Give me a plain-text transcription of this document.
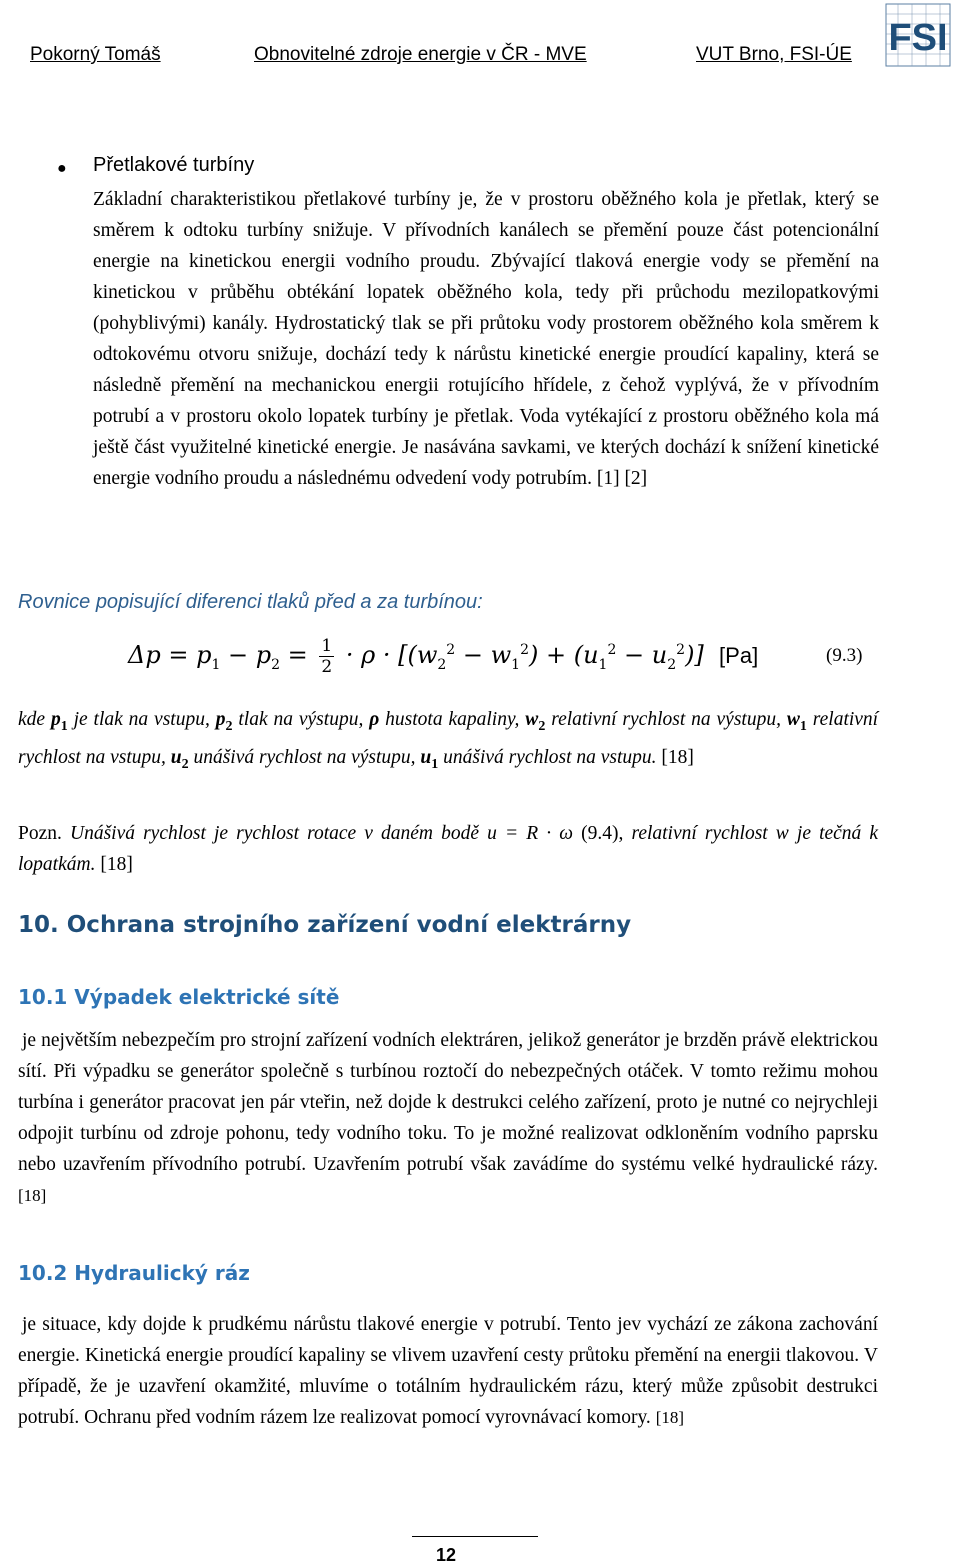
Pokorný Tomáš	Obnovitelné zdroje energie v ČR - MVE	VUT Brno, FSI-ÚE FSI
● Přetlakové turbíny
Základní charakteristikou přetlakové turbíny je, že v prostoru oběžného kola je přetlak, který se směrem k odtoku turbíny snižuje. V přívodních kanálech se přemění pouze část potencionální energie na kinetickou energii vodního proudu. Zbývající tlaková energie vody se přemění na kinetickou v průběhu obtékání lopatek oběžného kola, tedy při průchodu mezilopatkovými (pohyblivými) kanály. Hydrostatický tlak se při průtoku vody prostorem oběžného kola směrem k odtokovému otvoru snižuje, dochází tedy k nárůstu kinetické energie proudící kapaliny, která se následně přemění na mechanickou energii rotujícího hřídele, z čehož vyplývá, že v přívodním potrubí a v prostoru okolo lopatek turbíny je přetlak. Voda vytékající z prostoru oběžného kola má ještě část využitelné kinetické energie. Je nasávána savkami, ve kterých dochází k snížení kinetické energie vodního proudu a následnému odvedení vody potrubím. [1] [2]
Rovnice popisující diferenci tlaků před a za turbínou:
$\Delta p = p_1 - p_2 = \frac{1}{2} \cdot \rho \cdot [(w_2^2 - w_1^2) + (u_1^2 - u_2^2)]$  [Pa]	(9.3)
kde $p_1$ je tlak na vstupu, $p_2$ tlak na výstupu, ρ hustota kapaliny, $w_2$ relativní rychlost na výstupu, $w_1$ relativní rychlost na vstupu, $u_2$ unášivá rychlost na výstupu, $u_1$ unášivá rychlost na vstupu. [18]
Pozn. Unášivá rychlost je rychlost rotace v daném bodě u = R · ω (9.4), relativní rychlost w je tečná k lopatkám. [18]
10. Ochrana strojního zařízení vodní elektrárny
10.1 Výpadek elektrické sítě
je největším nebezpečím pro strojní zařízení vodních elektráren, jelikož generátor je brzděn právě elektrickou sítí. Při výpadku se generátor společně s turbínou roztočí do nebezpečných otáček. V tomto režimu mohou turbína i generátor pracovat jen pár vteřin, než dojde k destrukci celého zařízení, proto je nutné co nejrychleji odpojit turbínu od zdroje pohonu, tedy vodního toku. To je možné realizovat odkloněním vodního paprsku nebo uzavřením přívodního potrubí. Uzavřením potrubí však zavádíme do systému velké hydraulické rázy.[18]
10.2 Hydraulický ráz
je situace, kdy dojde k prudkému nárůstu tlakové energie v potrubí. Tento jev vychází ze zákona zachování energie. Kinetická energie proudící kapaliny se vlivem uzavření cesty průtoku přemění na energii tlakovou. V případě, že je uzavření okamžité, mluvíme o totálním hydraulickém rázu, který může způsobit destrukci potrubí. Ochranu před vodním rázem lze realizovat pomocí vyrovnávací komory. [18]
12
